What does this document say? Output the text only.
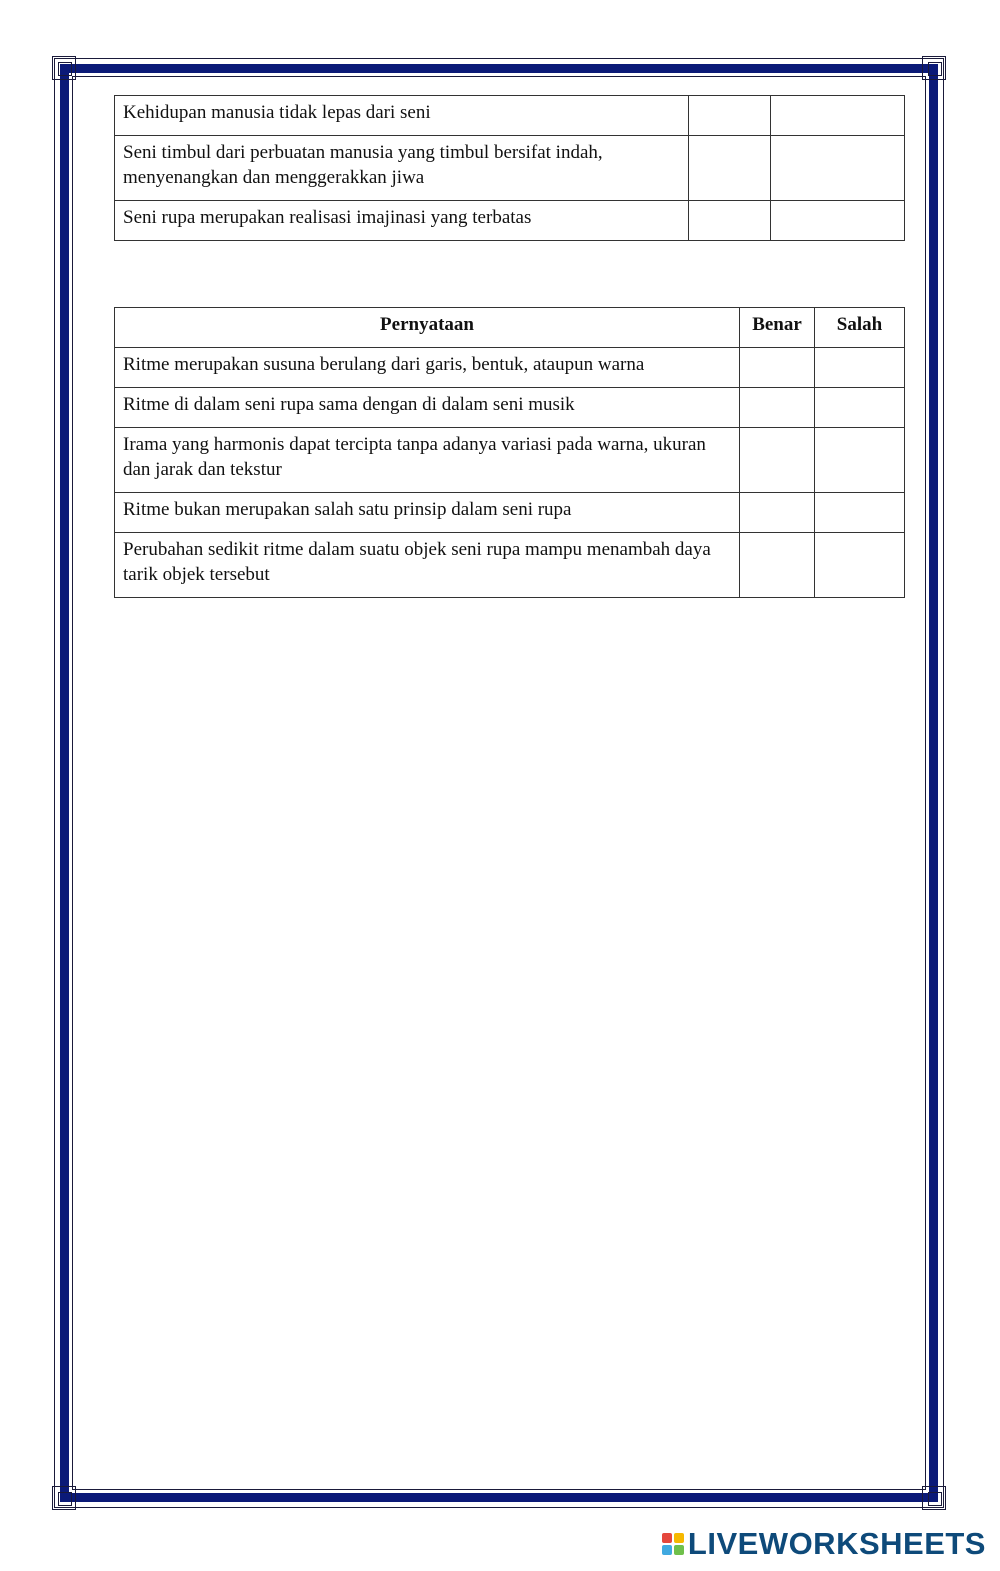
Kehidupan manusia tidak lepas dari seni		
Seni timbul dari perbuatan manusia yang timbul bersifat indah, menyenangkan dan menggerakkan jiwa		
Seni rupa merupakan realisasi imajinasi yang terbatas		
Pernyataan	Benar	Salah
Ritme merupakan susuna berulang dari garis, bentuk, ataupun warna		
Ritme di dalam seni rupa sama dengan di dalam seni musik		
Irama yang harmonis dapat tercipta tanpa adanya variasi pada warna, ukuran dan jarak dan tekstur		
Ritme bukan merupakan salah satu prinsip dalam seni rupa		
Perubahan sedikit ritme dalam suatu objek seni rupa mampu menambah daya tarik objek tersebut		
LIVEWORKSHEETS
